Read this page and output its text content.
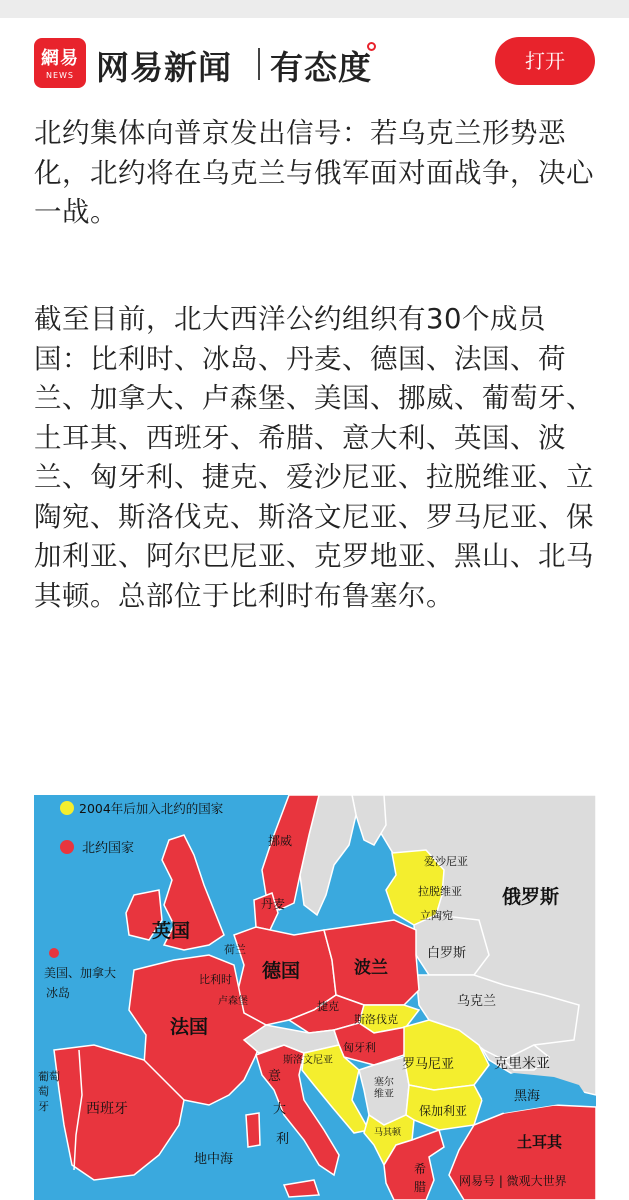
網易
NEWS 网易新闻 有态度	打开
北约集体向普京发出信号：若乌克兰形势恶化，北约将在乌克兰与俄军面对面战争，决心一战。
截至目前，北大西洋公约组织有30个成员国：比利时、冰岛、丹麦、德国、法国、荷兰、加拿大、卢森堡、美国、挪威、葡萄牙、土耳其、西班牙、希腊、意大利、英国、波兰、匈牙利、捷克、爱沙尼亚、拉脱维亚、立陶宛、斯洛伐克、斯洛文尼亚、罗马尼亚、保加利亚、阿尔巴尼亚、克罗地亚、黑山、北马其顿。总部位于比利时布鲁塞尔。
2004年后加入北约的国家
北约国家	挪威
爱沙尼亚
拉脱维亚
立陶宛
俄罗斯
丹麦
英国
荷兰
德国	波兰
白罗斯
美国、加拿大
冰岛
比利时
卢森堡	捷克	乌克兰
法国	斯洛伐克
匈牙利
斯洛文尼亚	罗马尼亚	克里米亚
葡萄
萄
牙
意
大
利
塞尔
维亚
保加利亚
黑海
西班牙
马其顿	土耳其
地中海
希
腊	网易号 | 微观大世界
